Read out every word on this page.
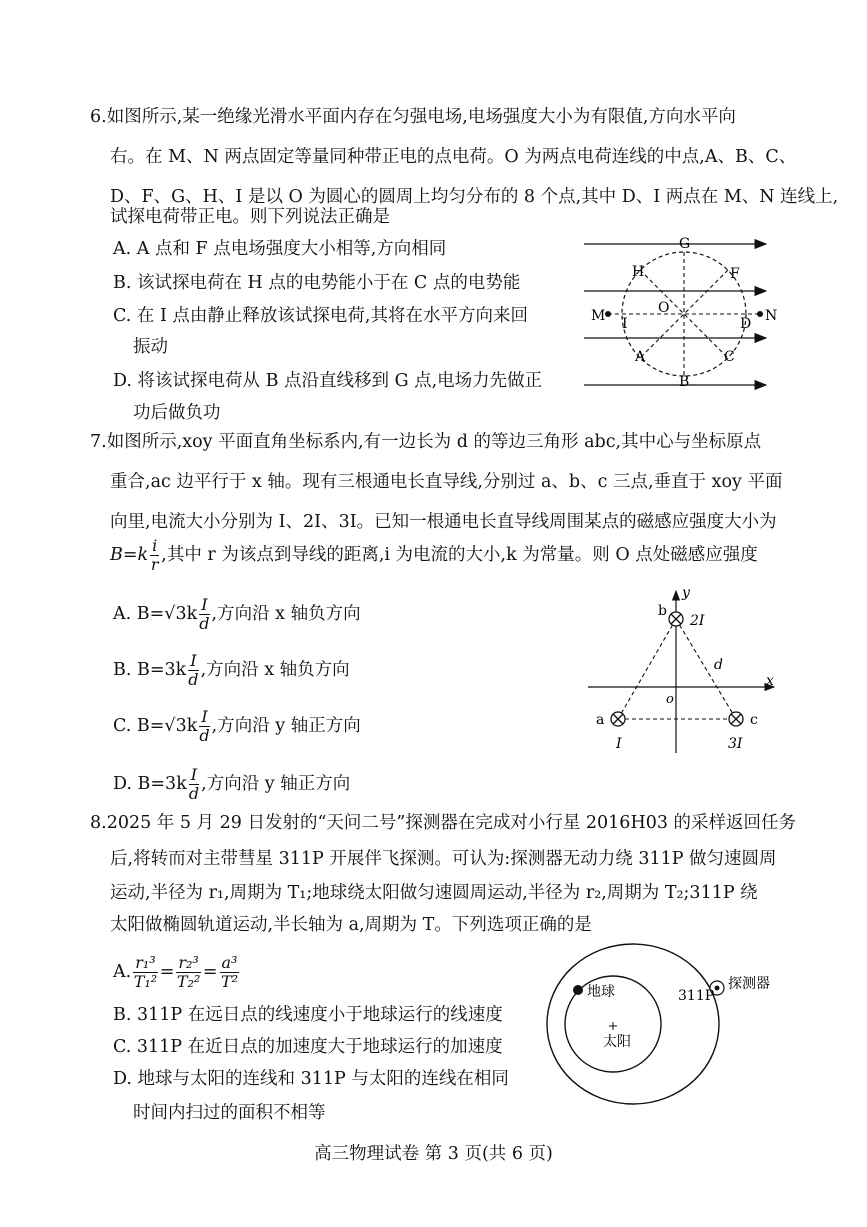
6.如图所示,某一绝缘光滑水平面内存在匀强电场,电场强度大小为有限值,方向水平向
右。在 M、N 两点固定等量同种带正电的点电荷。O 为两点电荷连线的中点,A、B、C、
D、F、G、H、I 是以 O 为圆心的圆周上均匀分布的 8 个点,其中 D、I 两点在 M、N 连线上,
试探电荷带正电。则下列说法正确是
A. A 点和 F 点电场强度大小相等,方向相同
B. 该试探电荷在 H 点的电势能小于在 C 点的电势能
C. 在 I 点由静止释放该试探电荷,其将在水平方向来回
振动
D. 将该试探电荷从 B 点沿直线移到 G 点,电场力先做正
功后做负功
G
H	F
M I
O
D N
A	C
B
7.如图所示,xoy 平面直角坐标系内,有一边长为 d 的等边三角形 abc,其中心与坐标原点
重合,ac 边平行于 x 轴。现有三根通电长直导线,分别过 a、b、c 三点,垂直于 xoy 平面
向里,电流大小分别为 I、2I、3I。已知一根通电长直导线周围某点的磁感应强度大小为
$B=k \frac{i}{r}$ ,其中 r 为该点到导线的距离,i 为电流的大小,k 为常量。则 O 点处磁感应强度
A. $B=√3k \frac{I}{d}$ ,方向沿 x 轴负方向
B. $B=3k \frac{I}{d}$ ,方向沿 x 轴负方向
C. $B=√3k \frac{I}{d}$ ,方向沿 y 轴正方向
D. $B=3k \frac{I}{d}$ ,方向沿 y 轴正方向
y
x
o
b
2I
d
a	c
I	3I
8.2025 年 5 月 29 日发射的“天问二号”探测器在完成对小行星 2016H03 的采样返回任务
后,将转而对主带彗星 311P 开展伴飞探测。可认为:探测器无动力绕 311P 做匀速圆周
运动,半径为 r₁,周期为 T₁;地球绕太阳做匀速圆周运动,半径为 r₂,周期为 T₂;311P 绕
太阳做椭圆轨道运动,半长轴为 a,周期为 T。下列选项正确的是
A. $\frac{\text{r₁³}}{\text{T₁²}} = \frac{\text{r₂³}}{\text{T₂²}} = \frac{\text{a³}}{\text{T²}}$
B. 311P 在远日点的线速度小于地球运行的线速度
C. 311P 在近日点的加速度大于地球运行的加速度
D. 地球与太阳的连线和 311P 与太阳的连线在相同
时间内扫过的面积不相等
地球
太阳
311P
探测器
高三物理试卷 第 3 页(共 6 页)
